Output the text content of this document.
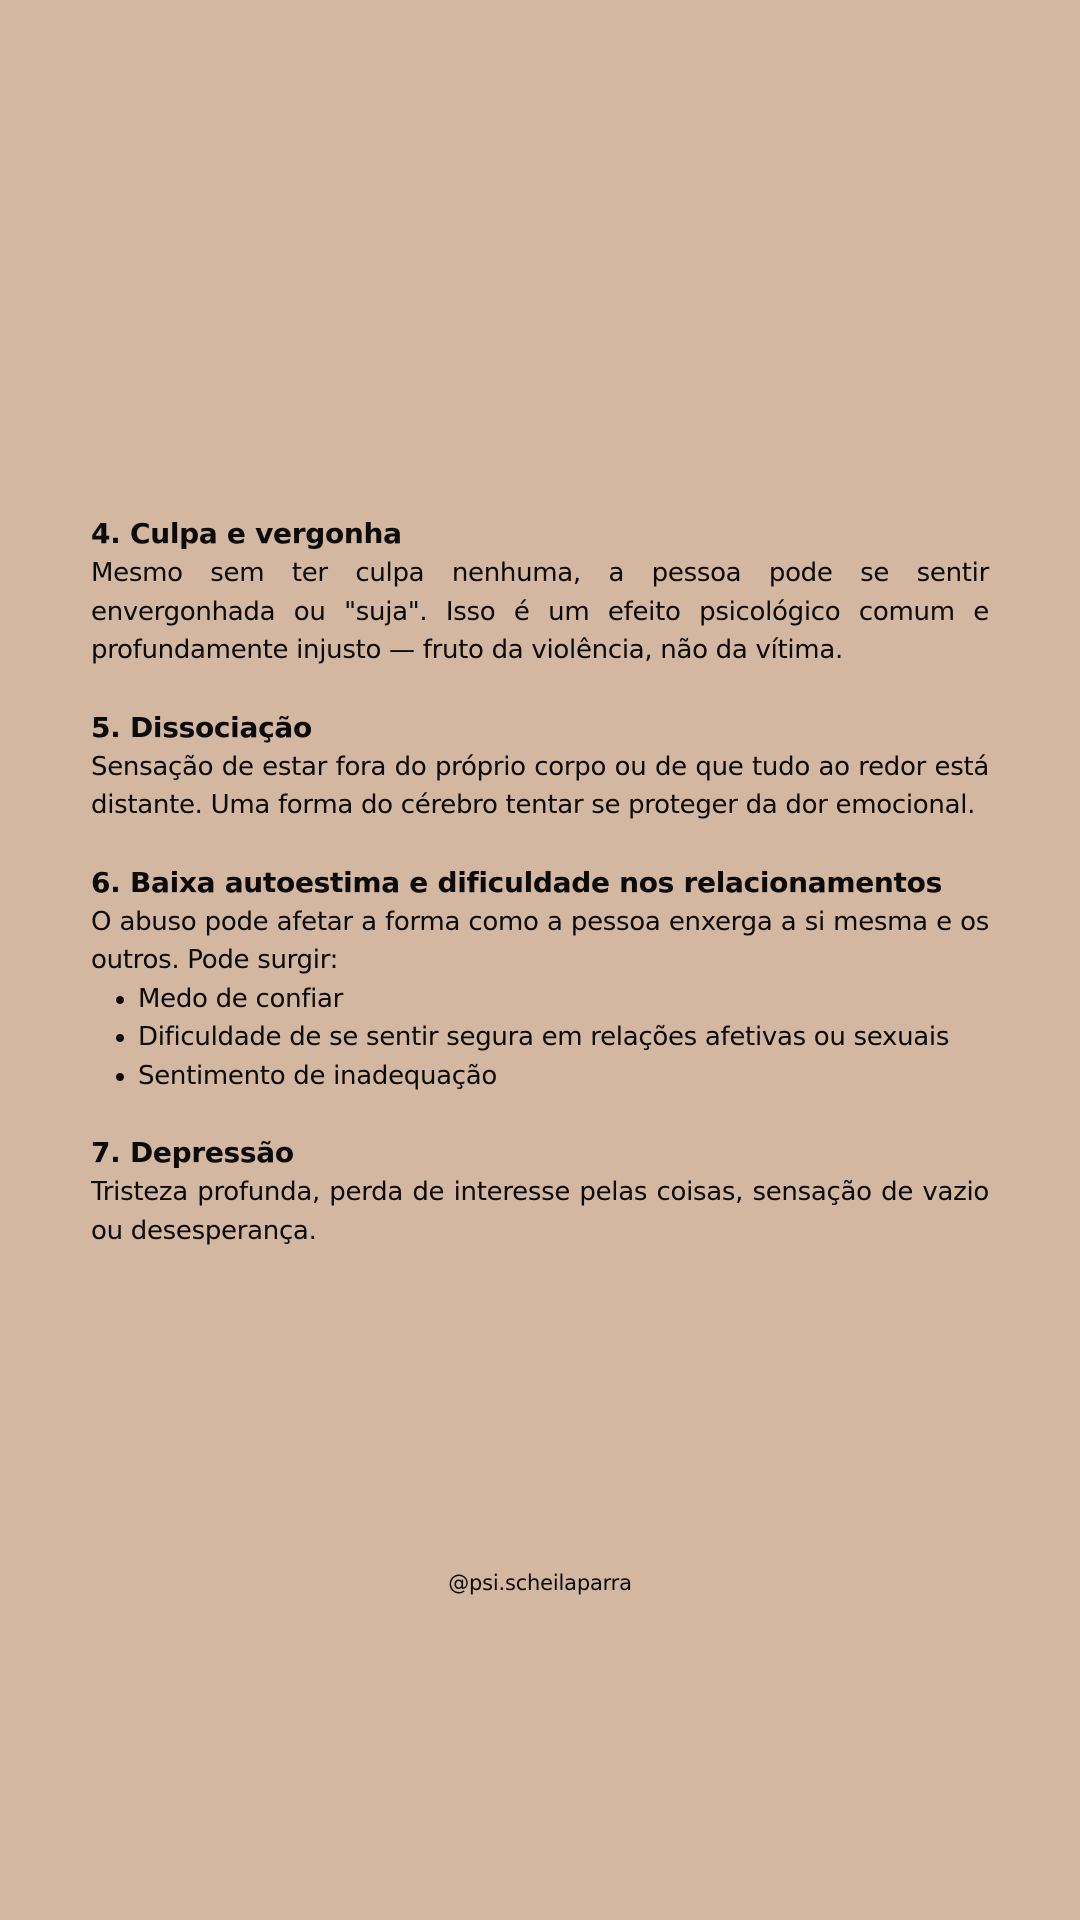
4. Culpa e vergonha

Mesmo sem ter culpa nenhuma, a pessoa pode se sentir envergonhada ou "suja". Isso é um efeito psicológico comum e profundamente injusto — fruto da violência, não da vítima.

5. Dissociação

Sensação de estar fora do próprio corpo ou de que tudo ao redor está distante. Uma forma do cérebro tentar se proteger da dor emocional.

6. Baixa autoestima e dificuldade nos relacionamentos

O abuso pode afetar a forma como a pessoa enxerga a si mesma e os outros. Pode surgir:

• Medo de confiar
• Dificuldade de se sentir segura em relações afetivas ou sexuais
• Sentimento de inadequação
7. Depressão

Tristeza profunda, perda de interesse pelas coisas, sensação de vazio ou desesperança.

@psi.scheilaparra
